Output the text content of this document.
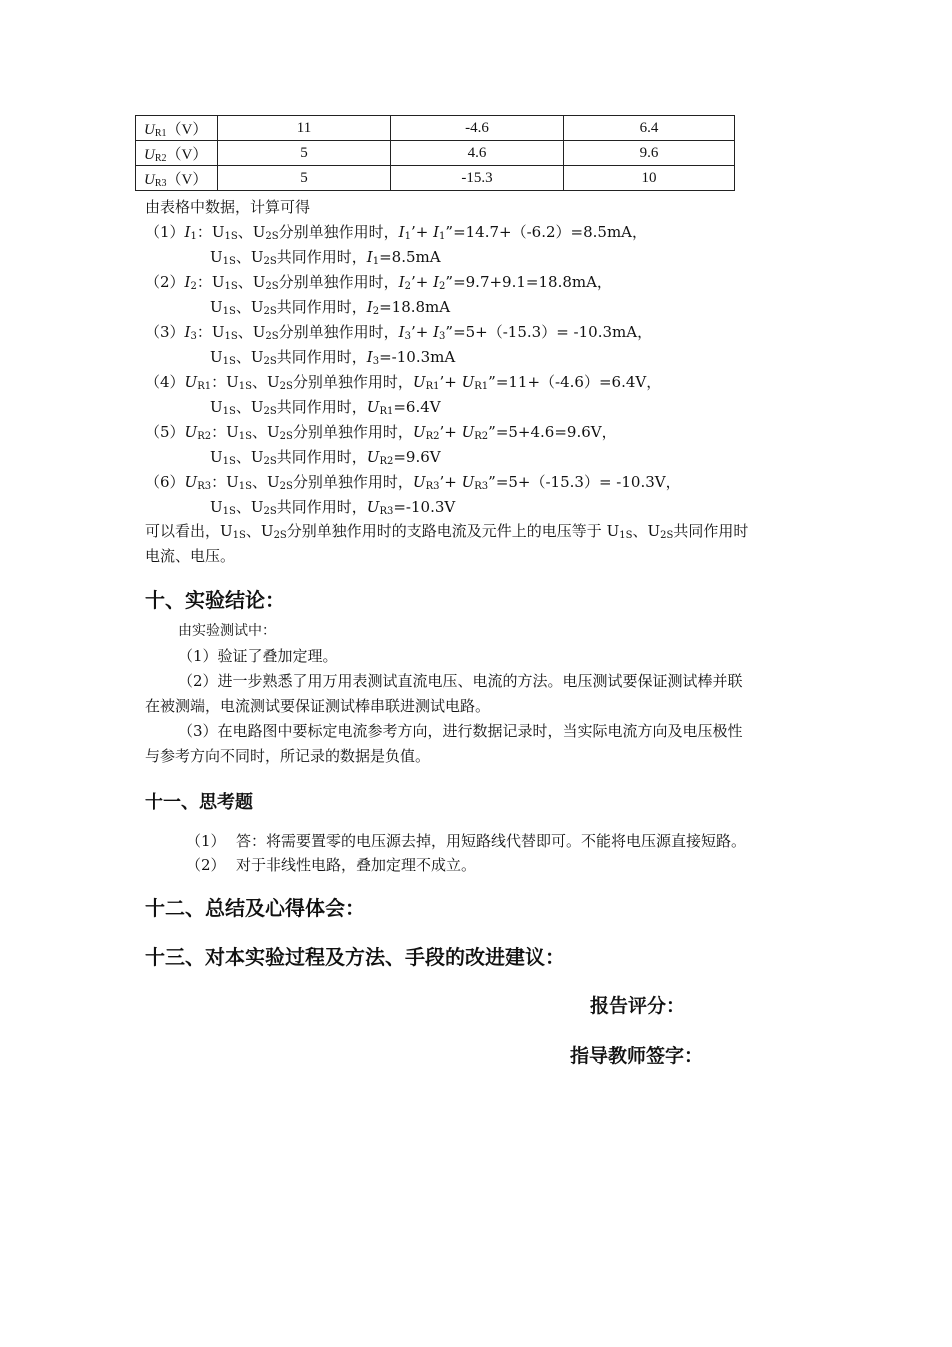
$U_{R1}(V)$	11	-4.6	6.4
$U_{R2}(V)$	5	4.6	9.6
$U_{R3}(V)$	5	-15.3	10
由表格中数据，计算可得
$(1)I_1$：$U_{1S}$、$U_{2S}$分别单独作用时，$I_1’+$ $I_1”=14.7+(-6.2)=8.5mA$，
$U_{1S}$、$U_{2S}$共同作用时，$I_1=8.5mA$
$(2)I_2$：$U_{1S}$、$U_{2S}$分别单独作用时，$I_2’+$ $I_2”=9.7+9.1=18.8mA$，
$U_{1S}$、$U_{2S}$共同作用时，$I_2=18.8mA$
$(3)I_3$：$U_{1S}$、$U_{2S}$分别单独作用时，$I_3’+$ $I_3”=5+(-15.3)= -10.3mA$，
$U_{1S}$、$U_{2S}$共同作用时，$I_3=-10.3mA$
$(4)U_{R1}$：$U_{1S}$、$U_{2S}$分别单独作用时，$U_{R1}’+$ $U_{R1}”=11+(-4.6)=6.4V$，
$U_{1S}$、$U_{2S}$共同作用时，$U_{R1}=6.4V$
$(5)U_{R2}$：$U_{1S}$、$U_{2S}$分别单独作用时，$U_{R2}’+$ $U_{R2}”=5+4.6=9.6V$，
$U_{1S}$、$U_{2S}$共同作用时，$U_{R2}=9.6V$
$(6)U_{R3}$：$U_{1S}$、$U_{2S}$分别单独作用时，$U_{R3}’+$ $U_{R3}”=5+(-15.3)= -10.3V$，
$U_{1S}$、$U_{2S}$共同作用时，$U_{R3}=-10.3V$
可以看出，$U_{1S}$、$U_{2S}$分别单独作用时的支路电流及元件上的电压等于 $U_{1S}$、$U_{2S}$共同作用时
电流、电压。
十、实验结论：
由实验测试中：
（1）验证了叠加定理。
（2）进一步熟悉了用万用表测试直流电压、电流的方法。电压测试要保证测试棒并联
在被测端，电流测试要保证测试棒串联进测试电路。
（3）在电路图中要标定电流参考方向，进行数据记录时，当实际电流方向及电压极性
与参考方向不同时，所记录的数据是负值。
十一、思考题
（1） 答：将需要置零的电压源去掉，用短路线代替即可。不能将电压源直接短路。
（2） 对于非线性电路，叠加定理不成立。
十二、总结及心得体会：
十三、对本实验过程及方法、手段的改进建议：
报告评分：
指导教师签字：
